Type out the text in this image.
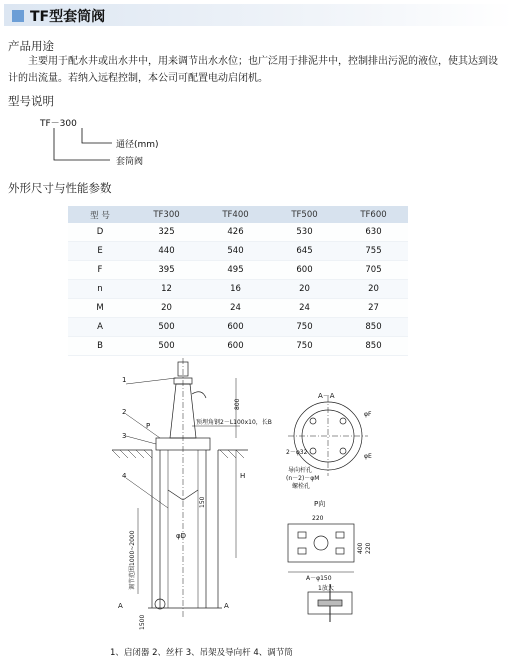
TF型套筒阀
产品用途
主要用于配水井或出水井中，用来调节出水水位；也广泛用于排泥井中，控制排出污泥的液位，使其达到设
计的出流量。若纳入远程控制，本公司可配置电动启闭机。
型号说明
TF－300
通径(mm)
套筒阀
外形尺寸与性能参数
型 号	TF300	TF400	TF500	TF600
D	325	426	530	630
E	440	540	645	755
F	395	495	600	705
n	12	16	20	20
M	20	24	24	27
A	500	600	750	850
B	500	600	750	850
1
2
3
4
P
A	A
H
800
150
φD
调节范围1000~2000
1500
预埋角钢2－L100x10，长B
A－A
φF
φE
2－φ32
导向杆孔
(n－2)－φM
螺栓孔
P向
220
400 220
A－φ150
1放大
1、启闭器 2、丝杆 3、吊架及导向杆 4、调节筒
